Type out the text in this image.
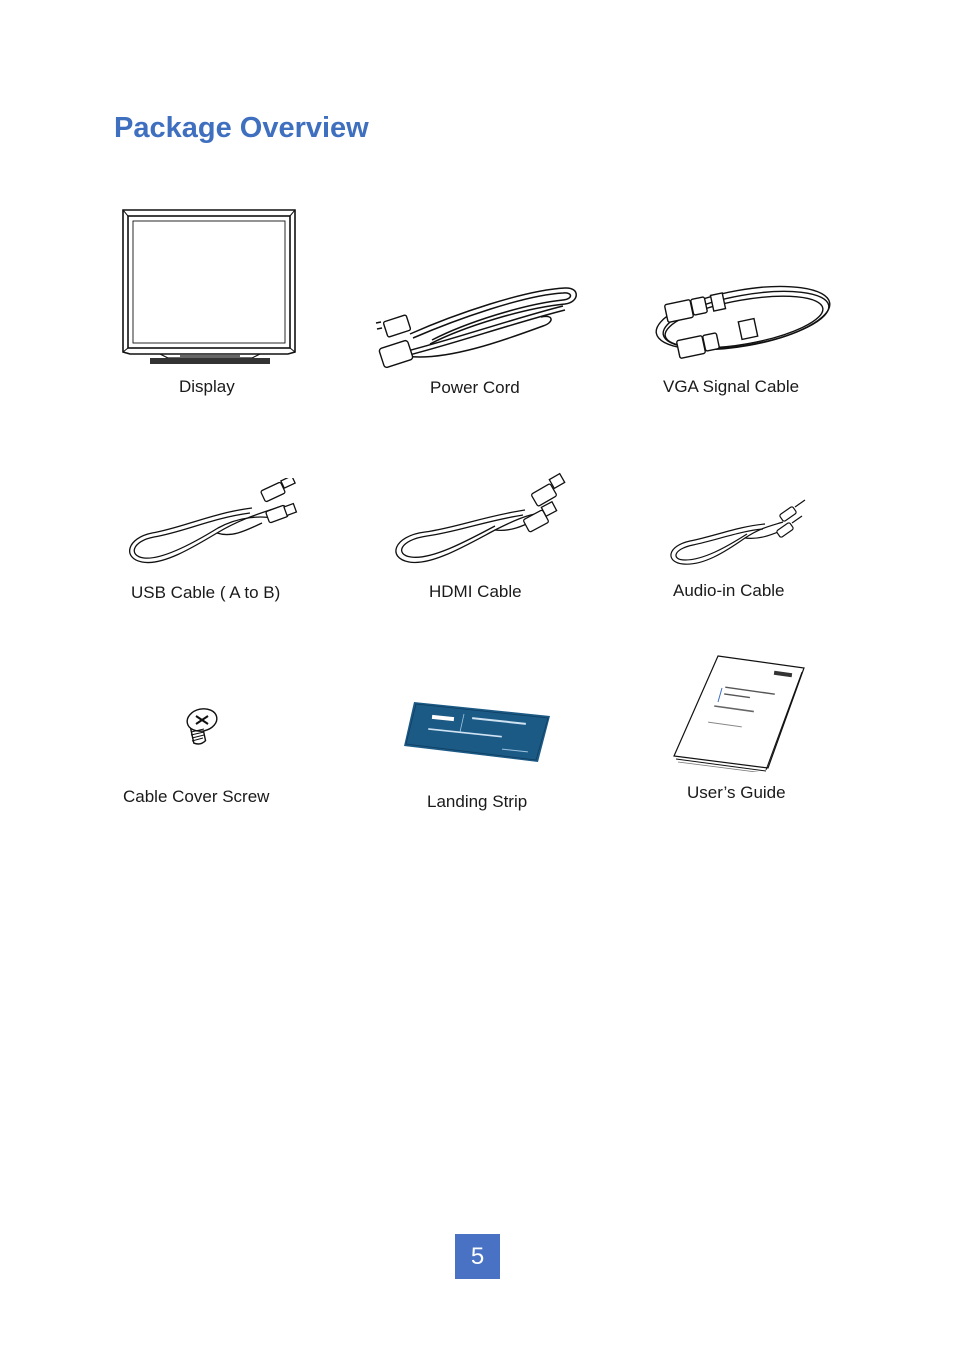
Package Overview
Display	Power Cord	VGA Signal Cable
USB Cable ( A to B)	HDMI Cable	Audio-in Cable
Cable Cover Screw	Landing Strip	User’s Guide
5
